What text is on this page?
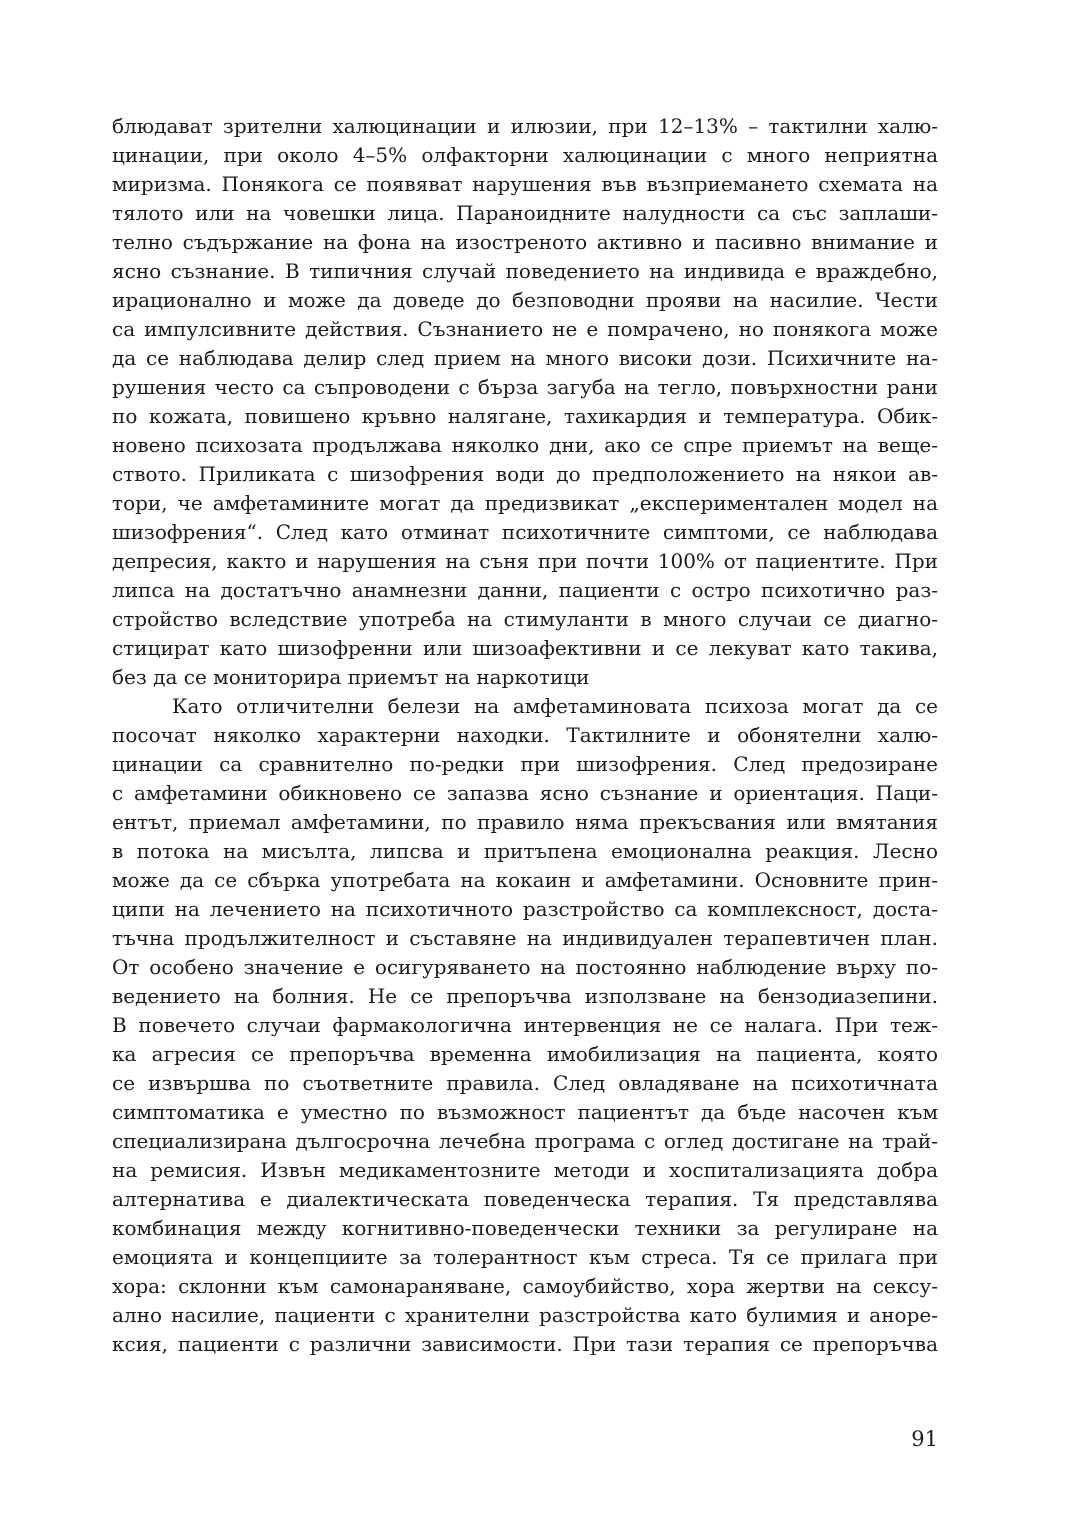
блюдават зрителни халюцинации и илюзии, при 12–13% – тактилни халю-
цинации, при около 4–5% олфакторни халюцинации с много неприятна
миризма. Понякога се появяват нарушения във възприемането схемата на
тялото или на човешки лица. Параноидните налудности са със заплаши-
телно съдържание на фона на изостреното активно и пасивно внимание и
ясно съзнание. В типичния случай поведението на индивида е враждебно,
ирационално и може да доведе до безповодни прояви на насилие. Чести
са импулсивните действия. Съзнанието не е помрачено, но понякога може
да се наблюдава делир след прием на много високи дози. Психичните на-
рушения често са съпроводени с бърза загуба на тегло, повърхностни рани
по кожата, повишено кръвно налягане, тахикардия и температура. Обик-
новено психозата продължава няколко дни, ако се спре приемът на веще-
ството. Приликата с шизофрения води до предположението на някои ав-
тори, че амфетамините могат да предизвикат „експериментален модел на
шизофрения“. След като отминат психотичните симптоми, се наблюдава
депресия, както и нарушения на съня при почти 100% от пациентите. При
липса на достатъчно анамнезни данни, пациенти с остро психотично раз-
стройство вследствие употреба на стимуланти в много случаи се диагно-
стицират като шизофренни или шизоафективни и се лекуват като такива,
без да се мониторира приемът на наркотици
Като отличителни белези на амфетаминовата психоза могат да се
посочат няколко характерни находки. Тактилните и обонятелни халю-
цинации са сравнително по-редки при шизофрения. След предозиране
с амфетамини обикновено се запазва ясно съзнание и ориентация. Паци-
ентът, приемал амфетамини, по правило няма прекъсвания или вмятания
в потока на мисълта, липсва и притъпена емоционална реакция. Лесно
може да се сбърка употребата на кокаин и амфетамини. Основните прин-
ципи на лечението на психотичното разстройство са комплексност, доста-
тъчна продължителност и съставяне на индивидуален терапевтичен план.
От особено значение е осигуряването на постоянно наблюдение върху по-
ведението на болния. Не се препоръчва използване на бензодиазепини.
В повечето случаи фармакологична интервенция не се налага. При теж-
ка агресия се препоръчва временна имобилизация на пациента, която
се извършва по съответните правила. След овладяване на психотичната
симптоматика е уместно по възможност пациентът да бъде насочен към
специализирана дългосрочна лечебна програма с оглед достигане на трай-
на ремисия. Извън медикаментозните методи и хоспитализацията добра
алтернатива е диалектическата поведенческа терапия. Тя представлява
комбинация между когнитивно-поведенчески техники за регулиране на
емоцията и концепциите за толерантност към стреса. Тя се прилага при
хора: склонни към самонараняване, самоубийство, хора жертви на сексу-
ално насилие, пациенти с хранителни разстройства като булимия и аноре-
ксия, пациенти с различни зависимости. При тази терапия се препоръчва
91
